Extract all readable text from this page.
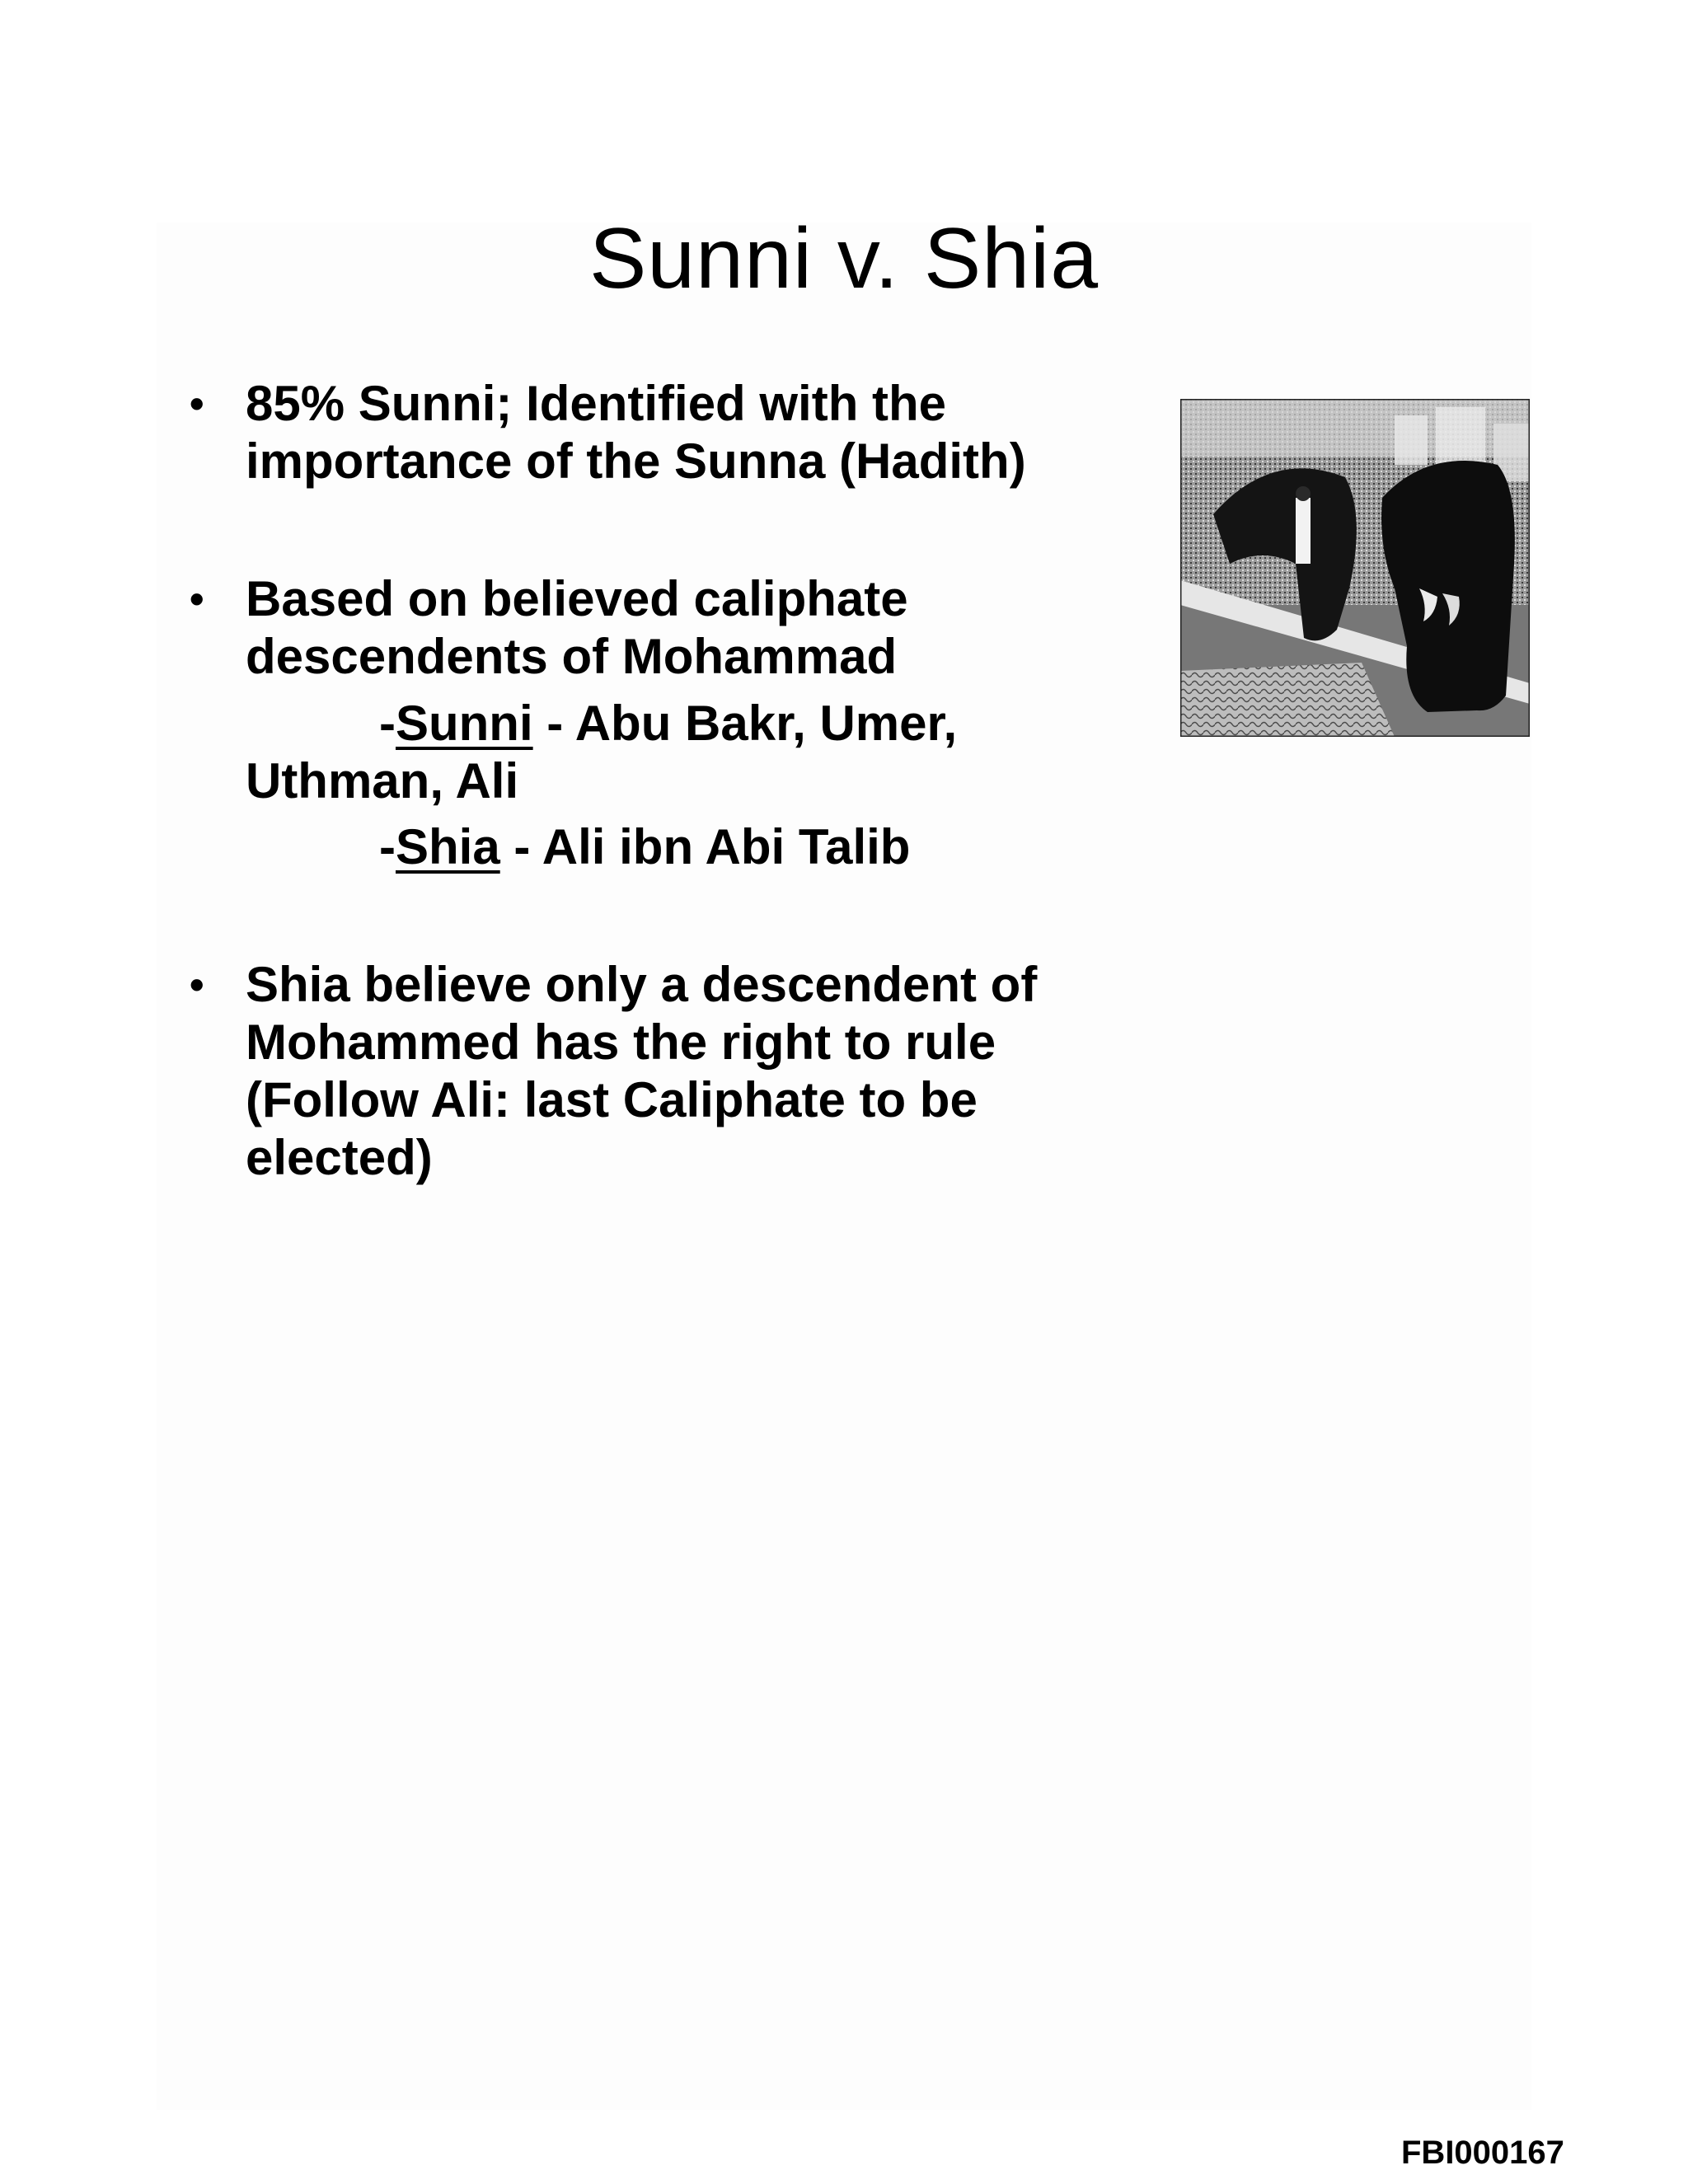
Sunni v. Shia
• 85% Sunni; Identified with the
importance of the Sunna (Hadith)
• Based on believed caliphate
descendents of Mohammad
-Sunni - Abu Bakr, Umer,
Uthman, Ali
-Shia - Ali ibn Abi Talib
• Shia believe only a descendent of
Mohammed has the right to rule
(Follow Ali: last Caliphate to be
elected)
FBI000167
